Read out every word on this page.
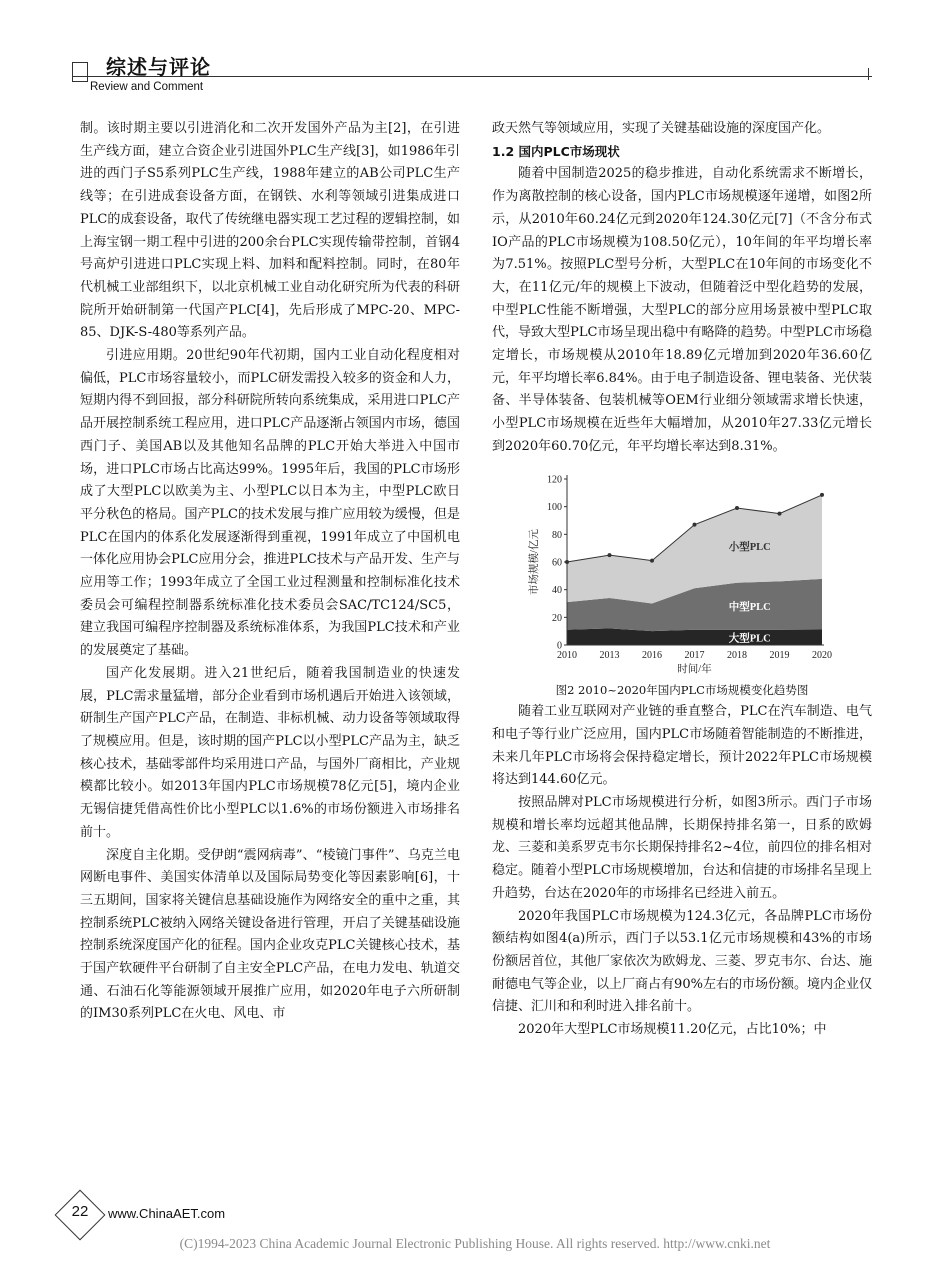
综述与评论
Review and Comment

制。该时期主要以引进消化和二次开发国外产品为主[2]，在引进生产线方面，建立合资企业引进国外PLC生产线[3]，如1986年引进的西门子S5系列PLC生产线，1988年建立的AB公司PLC生产线等；在引进成套设备方面，在钢铁、水利等领域引进集成进口PLC的成套设备，取代了传统继电器实现工艺过程的逻辑控制，如上海宝钢一期工程中引进的200余台PLC实现传输带控制，首钢4号高炉引进进口PLC实现上料、加料和配料控制。同时，在80年代机械工业部组织下，以北京机械工业自动化研究所为代表的科研院所开始研制第一代国产PLC[4]，先后形成了MPC-20、MPC-85、DJK-S-480等系列产品。

引进应用期。20世纪90年代初期，国内工业自动化程度相对偏低，PLC市场容量较小，而PLC研发需投入较多的资金和人力，短期内得不到回报，部分科研院所转向系统集成，采用进口PLC产品开展控制系统工程应用，进口PLC产品逐渐占领国内市场，德国西门子、美国AB以及其他知名品牌的PLC开始大举进入中国市场，进口PLC市场占比高达99%。1995年后，我国的PLC市场形成了大型PLC以欧美为主、小型PLC以日本为主，中型PLC欧日平分秋色的格局。国产PLC的技术发展与推广应用较为缓慢，但是PLC在国内的体系化发展逐渐得到重视，1991年成立了中国机电一体化应用协会PLC应用分会，推进PLC技术与产品开发、生产与应用等工作；1993年成立了全国工业过程测量和控制标准化技术委员会可编程控制器系统标准化技术委员会SAC/TC124/SC5，建立我国可编程序控制器及系统标准体系，为我国PLC技术和产业的发展奠定了基础。

国产化发展期。进入21世纪后，随着我国制造业的快速发展，PLC需求量猛增，部分企业看到市场机遇后开始进入该领域，研制生产国产PLC产品，在制造、非标机械、动力设备等领域取得了规模应用。但是，该时期的国产PLC以小型PLC产品为主，缺乏核心技术，基础零部件均采用进口产品，与国外厂商相比，产业规模都比较小。如2013年国内PLC市场规模78亿元[5]，境内企业无锡信捷凭借高性价比小型PLC以1.6%的市场份额进入市场排名前十。

深度自主化期。受伊朗“震网病毒”、“棱镜门事件”、乌克兰电网断电事件、美国实体清单以及国际局势变化等因素影响[6]，十三五期间，国家将关键信息基础设施作为网络安全的重中之重，其控制系统PLC被纳入网络关键设备进行管理，开启了关键基础设施控制系统深度国产化的征程。国内企业攻克PLC关键核心技术，基于国产软硬件平台研制了自主安全PLC产品，在电力发电、轨道交通、石油石化等能源领域开展推广应用，如2020年电子六所研制的IM30系列PLC在火电、风电、市

政天然气等领域应用，实现了关键基础设施的深度国产化。

1.2 国内PLC市场现状

随着中国制造2025的稳步推进，自动化系统需求不断增长，作为离散控制的核心设备，国内PLC市场规模逐年递增，如图2所示，从2010年60.24亿元到2020年124.30亿元[7]（不含分布式IO产品的PLC市场规模为108.50亿元），10年间的年平均增长率为7.51%。按照PLC型号分析，大型PLC在10年间的市场变化不大，在11亿元/年的规模上下波动，但随着泛中型化趋势的发展，中型PLC性能不断增强，大型PLC的部分应用场景被中型PLC取代，导致大型PLC市场呈现出稳中有略降的趋势。中型PLC市场稳定增长，市场规模从2010年18.89亿元增加到2020年36.60亿元，年平均增长率6.84%。由于电子制造设备、锂电装备、光伏装备、半导体装备、包装机械等OEM行业细分领域需求增长快速，小型PLC市场规模在近些年大幅增加，从2010年27.33亿元增长到2020年60.70亿元，年平均增长率达到8.31%。

0
20
40
60
80
100
120
2010 2013 2016 2017 2018 2019 2020
时间/年
市场规模/亿元
大型PLC
中型PLC
小型PLC

图2 2010~2020年国内PLC市场规模变化趋势图

随着工业互联网对产业链的垂直整合，PLC在汽车制造、电气和电子等行业广泛应用，国内PLC市场随着智能制造的不断推进，未来几年PLC市场将会保持稳定增长，预计2022年PLC市场规模将达到144.60亿元。

按照品牌对PLC市场规模进行分析，如图3所示。西门子市场规模和增长率均远超其他品牌，长期保持排名第一，日系的欧姆龙、三菱和美系罗克韦尔长期保持排名2~4位，前四位的排名相对稳定。随着小型PLC市场规模增加，台达和信捷的市场排名呈现上升趋势，台达在2020年的市场排名已经进入前五。

2020年我国PLC市场规模为124.3亿元，各品牌PLC市场份额结构如图4(a)所示，西门子以53.1亿元市场规模和43%的市场份额居首位，其他厂家依次为欧姆龙、三菱、罗克韦尔、台达、施耐德电气等企业，以上厂商占有90%左右的市场份额。境内企业仅信捷、汇川和和利时进入排名前十。

2020年大型PLC市场规模11.20亿元，占比10%；中

22	www.ChinaAET.com
(C)1994-2023 China Academic Journal Electronic Publishing House. All rights reserved. http://www.cnki.net
